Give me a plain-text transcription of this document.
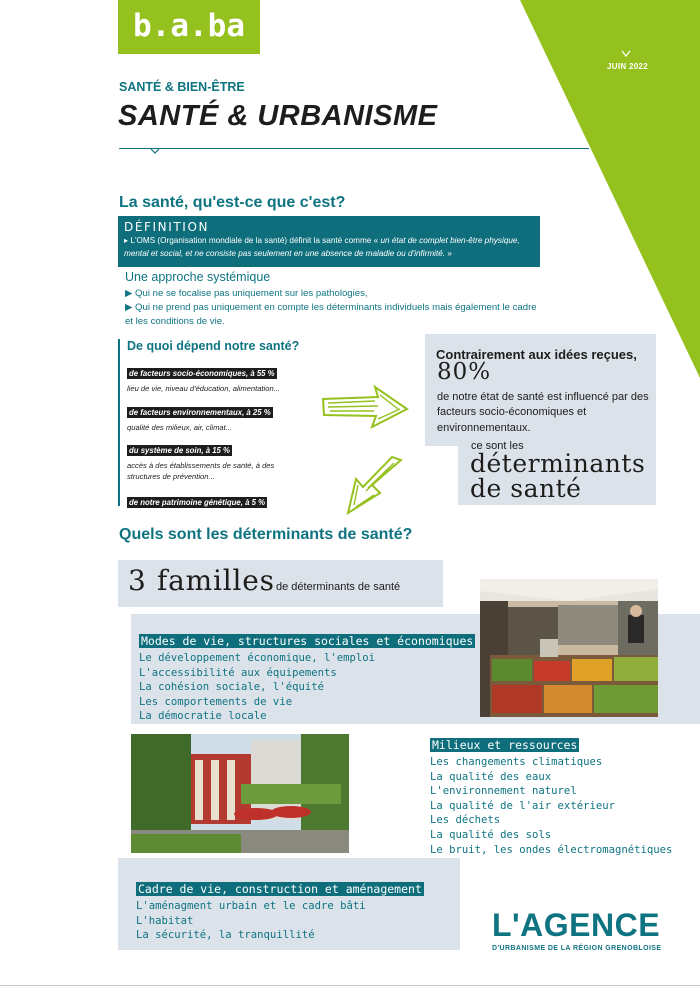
b.a.ba
JUIN 2022
SANTÉ & BIEN-ÊTRE
SANTÉ & URBANISME
La santé, qu'est-ce que c'est?
DÉFINITION
▸ L'OMS (Organisation mondiale de la santé) définit la santé comme « un état de complet bien-être physique, mental et social, et ne consiste pas seulement en une absence de maladie ou d'infirmité. »
Une approche systémique
▶ Qui ne se focalise pas uniquement sur les pathologies,
▶ Qui ne prend pas uniquement en compte les déterminants individuels mais également le cadre
et les conditions de vie.
De quoi dépend notre santé?
de facteurs socio-économiques, à 55 %
lieu de vie, niveau d'éducation, alimentation...
de facteurs environnementaux, à 25 %
qualité des milieux, air, climat...
du système de soin, à 15 %
accès à des établissements de santé, à des structures de prévention...
de notre patrimoine génétique, à 5 %
Contrairement aux idées reçues,
80%
de notre état de santé est influencé par des facteurs socio-économiques et environnementaux.
ce sont les
déterminants
de santé
Quels sont les déterminants de santé?
3 familles de déterminants de santé
Modes de vie, structures sociales et économiques
Le développement économique, l'emploi
L'accessibilité aux équipements
La cohésion sociale, l'équité
Les comportements de vie
La démocratie locale
Milieux et ressources
Les changements climatiques
La qualité des eaux
L'environnement naturel
La qualité de l'air extérieur
Les déchets
La qualité des sols
Le bruit, les ondes électromagnétiques
Cadre de vie, construction et aménagement
L'aménagment urbain et le cadre bâti
L'habitat
La sécurité, la tranquillité	L'AGENCE
D'URBANISME DE LA RÉGION GRENOBLOISE
